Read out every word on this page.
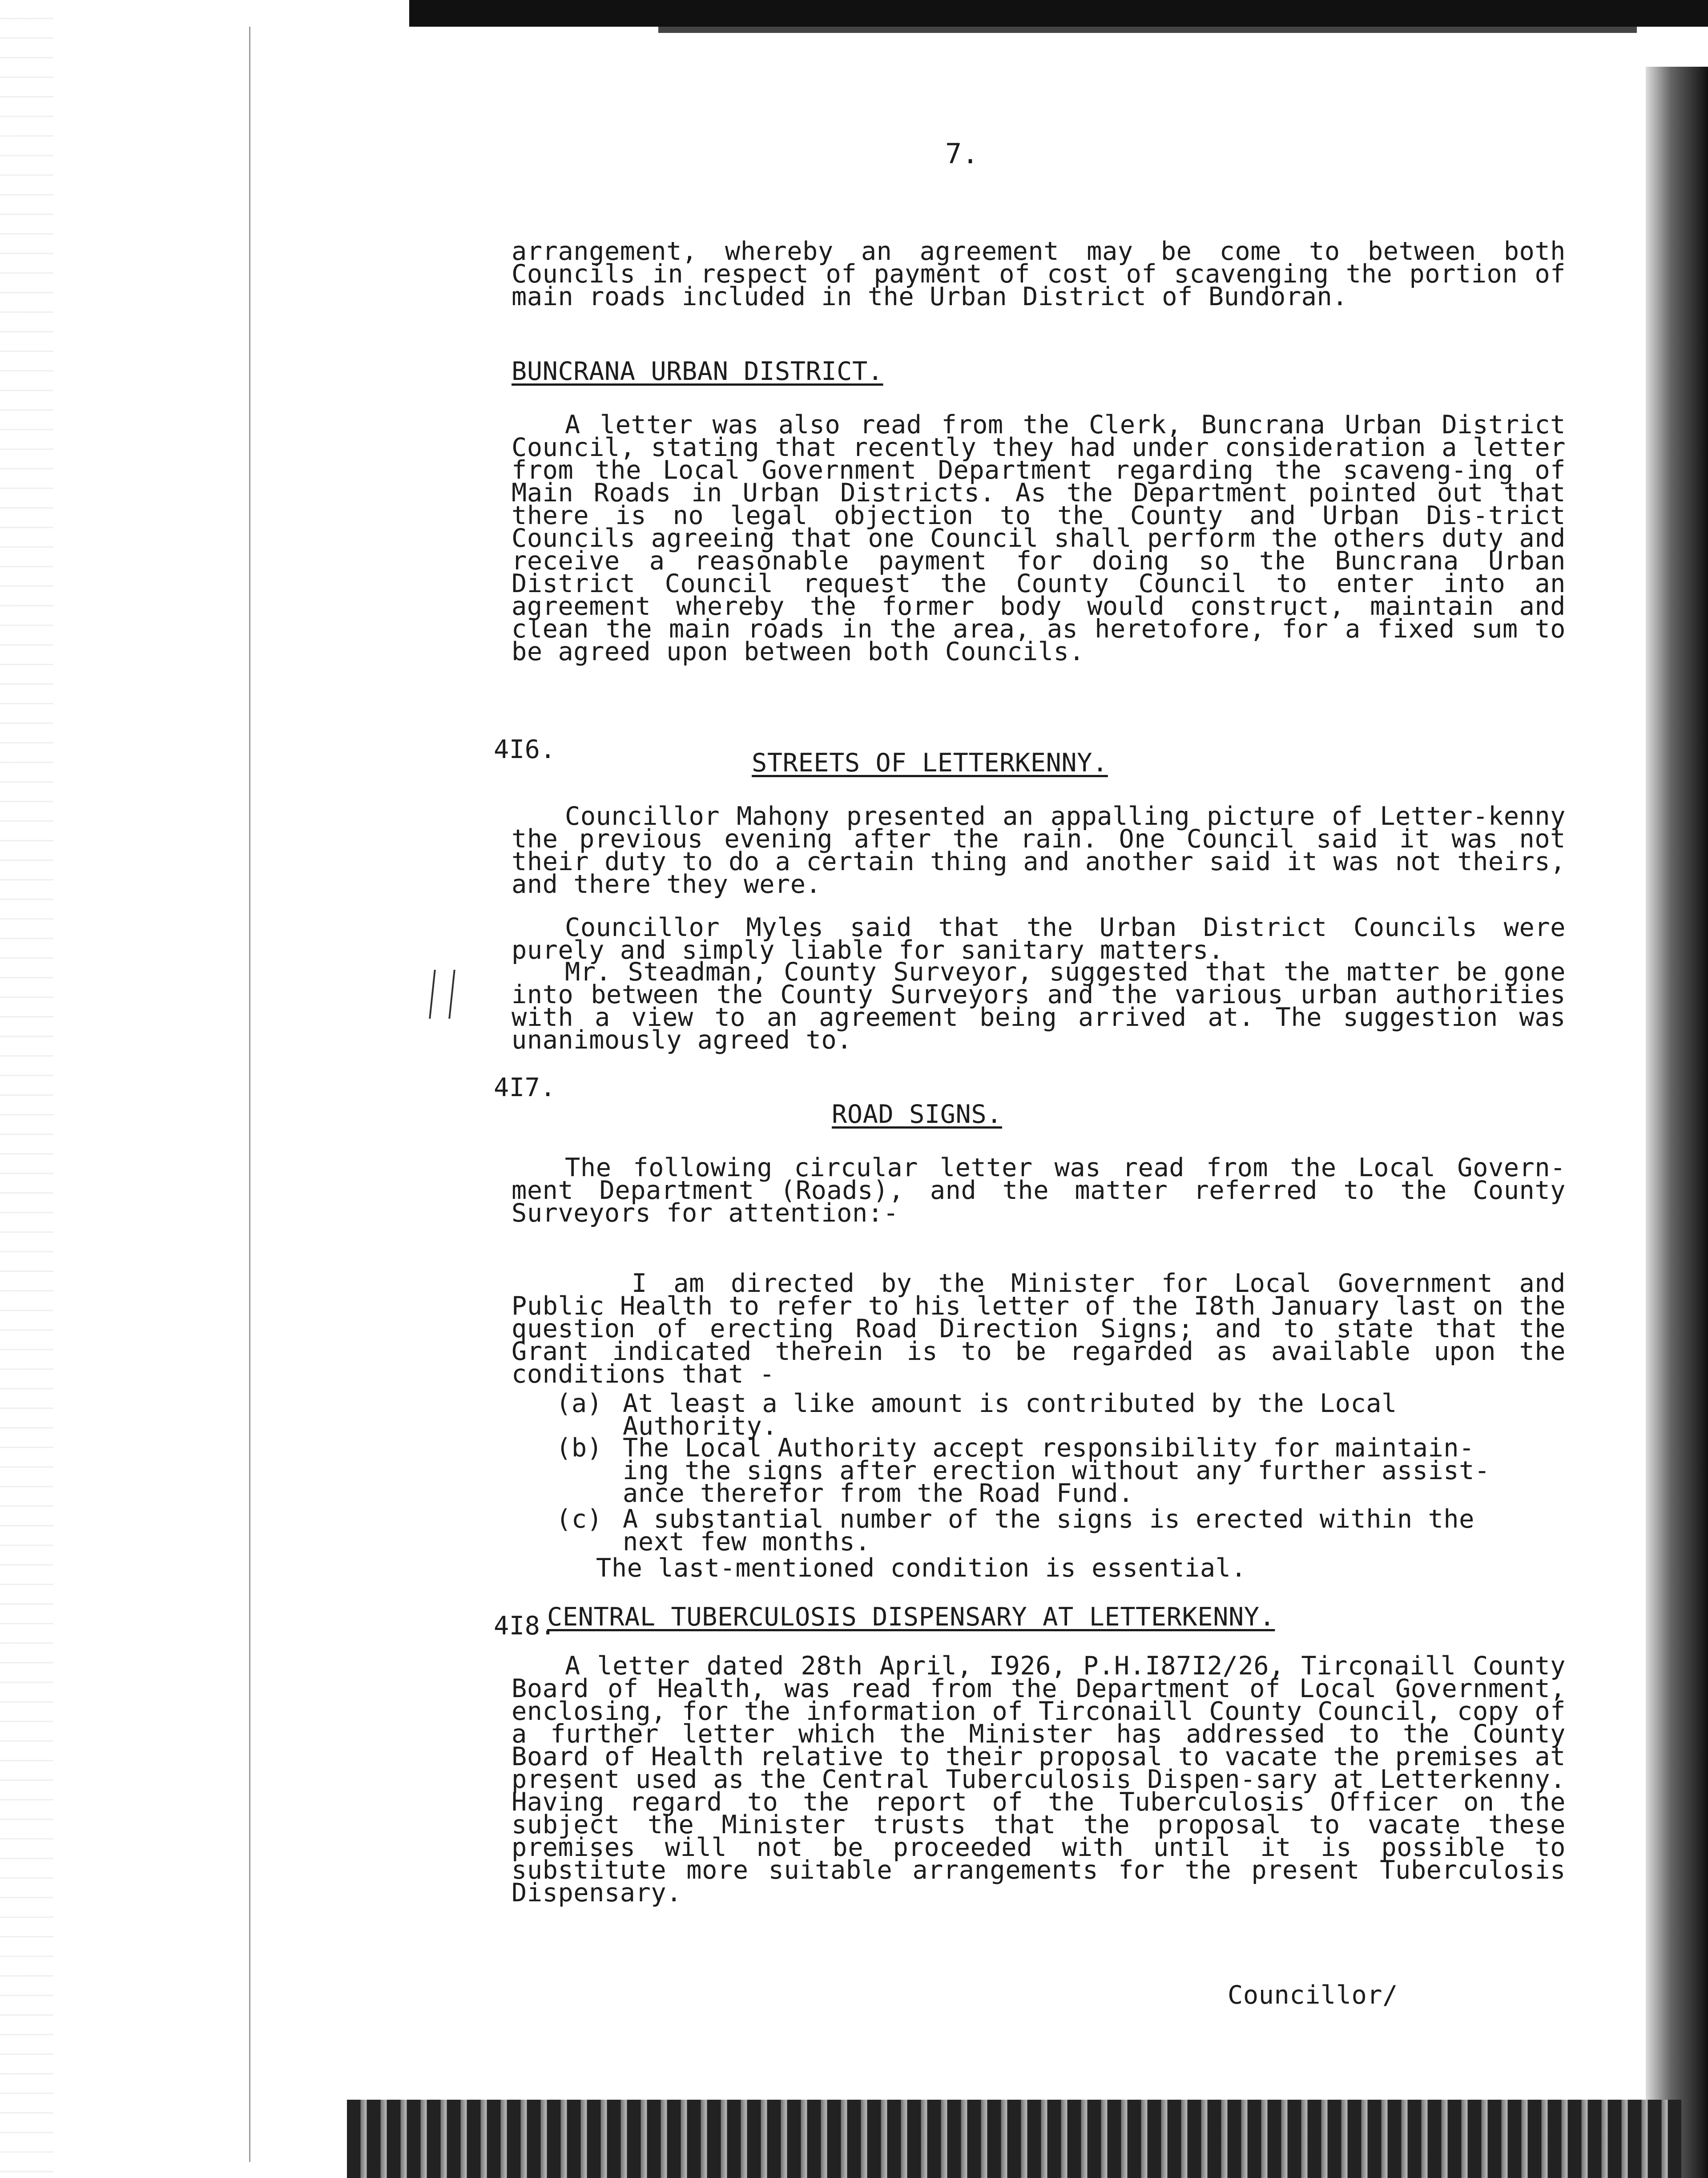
7.

arrangement, whereby an agreement may be come to between both Councils in respect of payment of cost of scavenging the portion of main roads included in the Urban District of Bundoran.

BUNCRANA URBAN DISTRICT.

A letter was also read from the Clerk, Buncrana Urban District Council, stating that recently they had under consideration a letter from the Local Government Department regarding the scaveng-ing of Main Roads in Urban Districts. As the Department pointed out that there is no legal objection to the County and Urban Dis-trict Councils agreeing that one Council shall perform the others duty and receive a reasonable payment for doing so the Buncrana Urban District Council request the County Council to enter into an agreement whereby the former body would construct, maintain and clean the main roads in the area, as heretofore, for a fixed sum to be agreed upon between both Councils.

4I6.	STREETS OF LETTERKENNY.

Councillor Mahony presented an appalling picture of Letter-kenny the previous evening after the rain. One Council said it was not their duty to do a certain thing and another said it was not theirs, and there they were.

Councillor Myles said that the Urban District Councils were purely and simply liable for sanitary matters.

Mr. Steadman, County Surveyor, suggested that the matter be gone into between the County Surveyors and the various urban authorities with a view to an agreement being arrived at. The suggestion was unanimously agreed to.

4I7.
ROAD SIGNS.

The following circular letter was read from the Local Govern-ment Department (Roads), and the matter referred to the County Surveyors for attention:-

I am directed by the Minister for Local Government and Public Health to refer to his letter of the I8th January last on the question of erecting Road Direction Signs; and to state that the Grant indicated therein is to be regarded as available upon the conditions that -

(a) At least a like amount is contributed by the Local Authority.
(b) The Local Authority accept responsibility for maintain-ing the signs after erection without any further assist-ance therefor from the Road Fund.
(c) A substantial number of the signs is erected within the next few months.
The last-mentioned condition is essential.
4I8.
CENTRAL TUBERCULOSIS DISPENSARY AT LETTERKENNY.

A letter dated 28th April, I926, P.H.I87I2/26, Tirconaill County Board of Health, was read from the Department of Local Government, enclosing, for the information of Tirconaill County Council, copy of a further letter which the Minister has addressed to the County Board of Health relative to their proposal to vacate the premises at present used as the Central Tuberculosis Dispen-sary at Letterkenny. Having regard to the report of the Tuberculosis Officer on the subject the Minister trusts that the proposal to vacate these premises will not be proceeded with until it is possible to substitute more suitable arrangements for the present Tuberculosis Dispensary.

Councillor/
